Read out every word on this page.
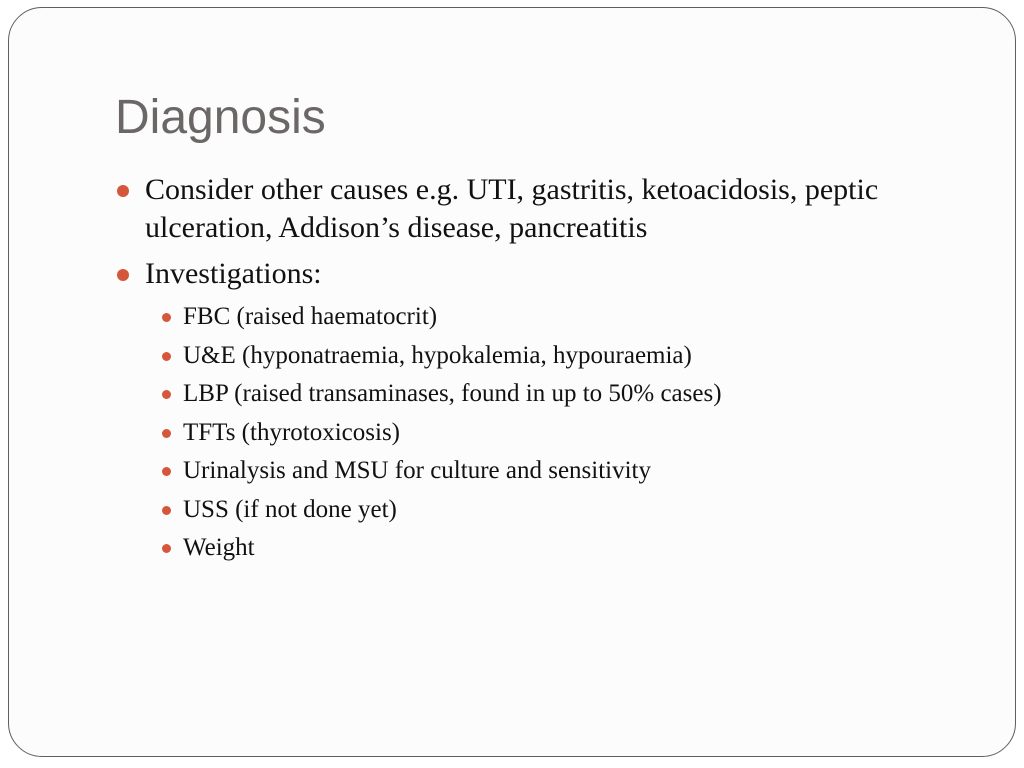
Diagnosis
Consider other causes e.g. UTI, gastritis, ketoacidosis, peptic ulceration, Addison’s disease, pancreatitis
Investigations:
FBC (raised haematocrit)
U&E (hyponatraemia, hypokalemia, hypouraemia)
LBP (raised transaminases, found in up to 50% cases)
TFTs (thyrotoxicosis)
Urinalysis and MSU for culture and sensitivity
USS (if not done yet)
Weight
